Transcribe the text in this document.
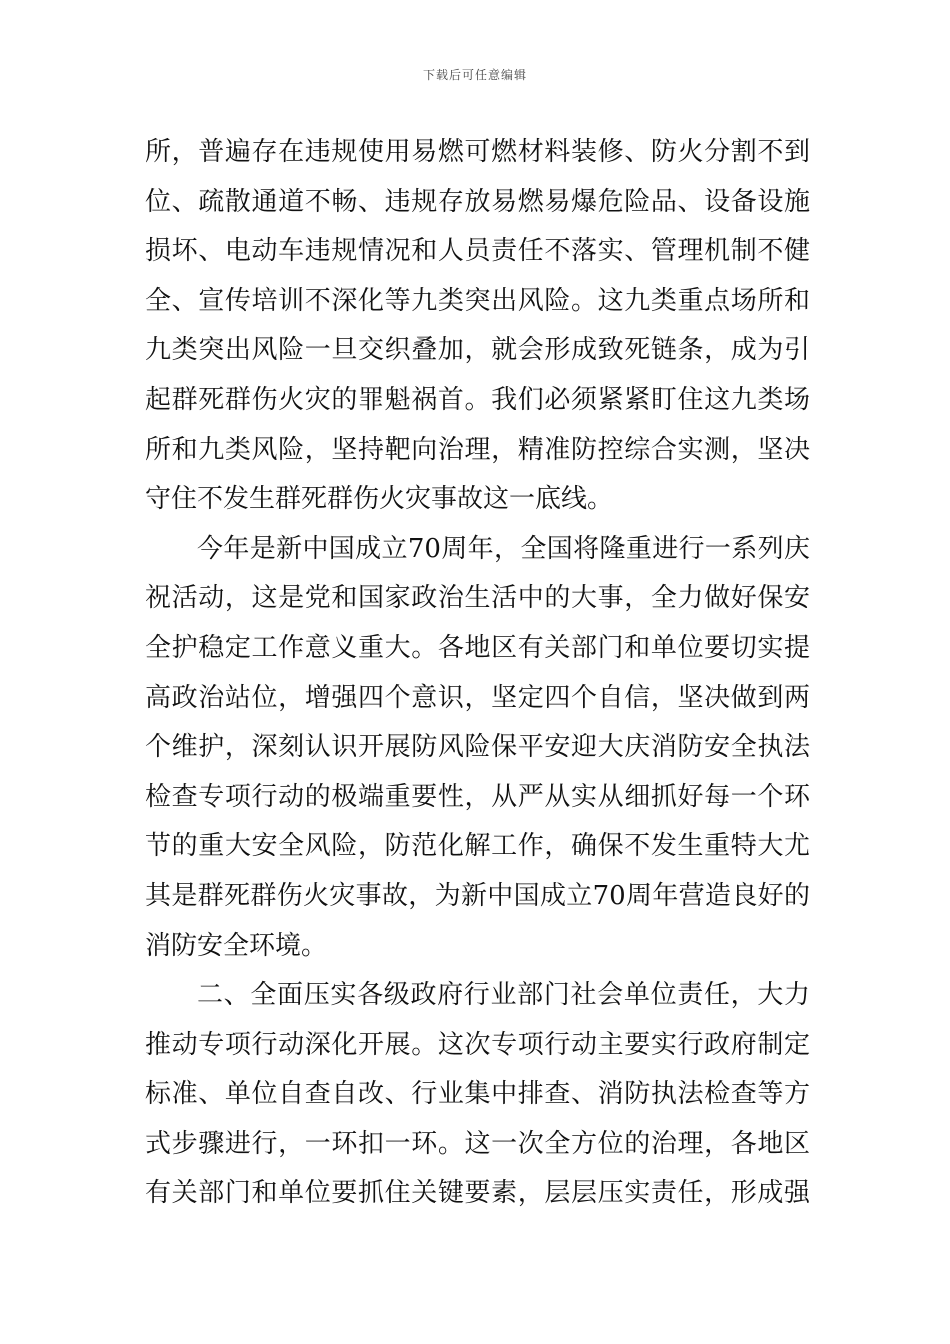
下载后可任意编辑
所，普遍存在违规使用易燃可燃材料装修、防火分割不到
位、疏散通道不畅、违规存放易燃易爆危险品、设备设施
损坏、电动车违规情况和人员责任不落实、管理机制不健
全、宣传培训不深化等九类突出风险。这九类重点场所和
九类突出风险一旦交织叠加，就会形成致死链条，成为引
起群死群伤火灾的罪魁祸首。我们必须紧紧盯住这九类场
所和九类风险，坚持靶向治理，精准防控综合实测，坚决
守住不发生群死群伤火灾事故这一底线。
今年是新中国成立70周年，全国将隆重进行一系列庆
祝活动，这是党和国家政治生活中的大事，全力做好保安
全护稳定工作意义重大。各地区有关部门和单位要切实提
高政治站位，增强四个意识，坚定四个自信，坚决做到两
个维护，深刻认识开展防风险保平安迎大庆消防安全执法
检查专项行动的极端重要性，从严从实从细抓好每一个环
节的重大安全风险，防范化解工作，确保不发生重特大尤
其是群死群伤火灾事故，为新中国成立70周年营造良好的
消防安全环境。
二、全面压实各级政府行业部门社会单位责任，大力
推动专项行动深化开展。这次专项行动主要实行政府制定
标准、单位自查自改、行业集中排查、消防执法检查等方
式步骤进行，一环扣一环。这一次全方位的治理，各地区
有关部门和单位要抓住关键要素，层层压实责任，形成强
